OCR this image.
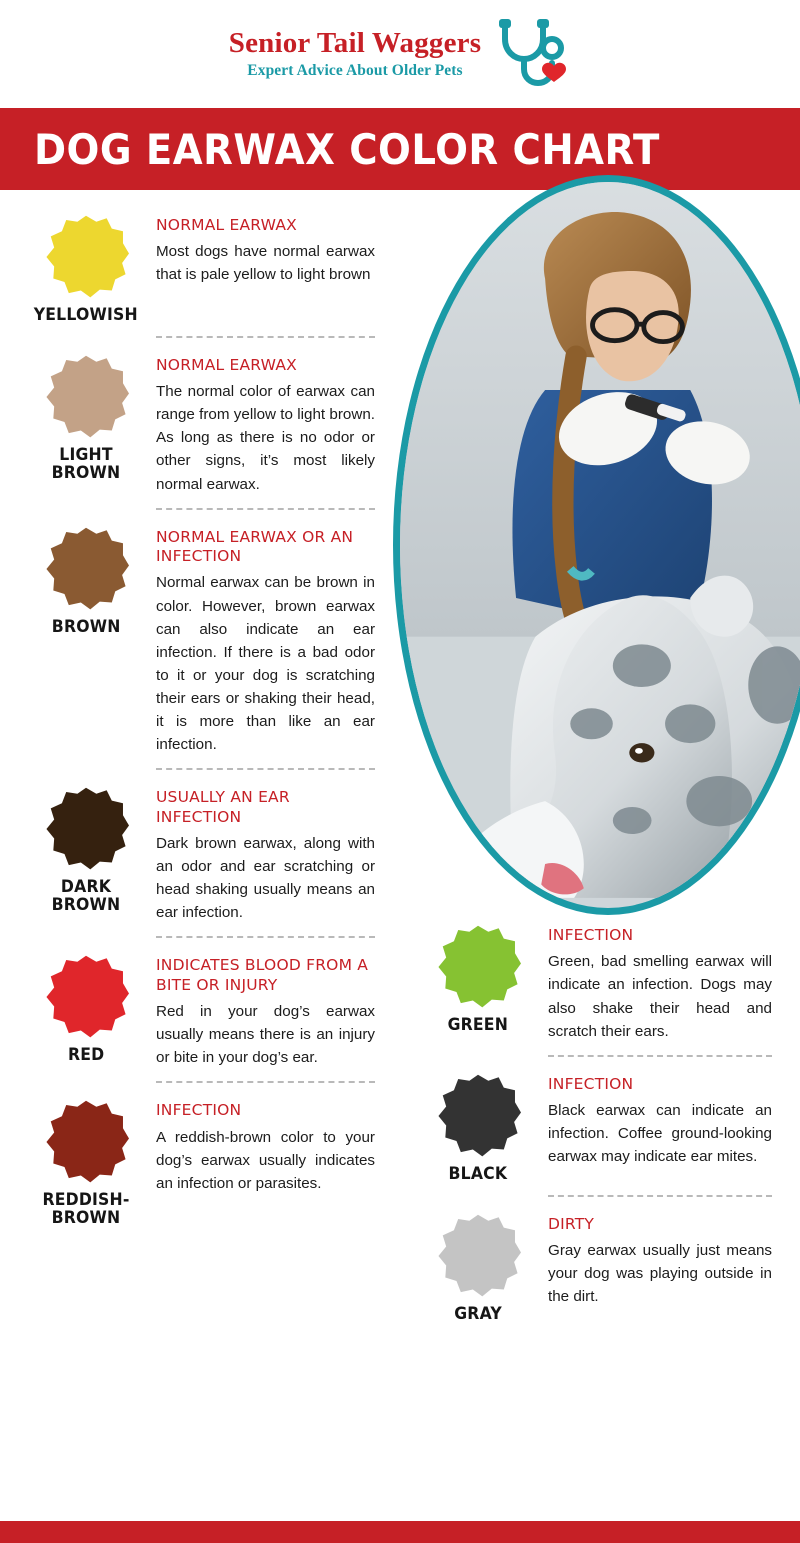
Senior Tail Waggers
Expert Advice About Older Pets
DOG EARWAX COLOR CHART
YELLOWISH
NORMAL EARWAX
Most dogs have normal earwax that is pale yellow to light brown
LIGHT BROWN
NORMAL EARWAX
The normal color of earwax can range from yellow to light brown. As long as there is no odor or other signs, it’s most likely normal earwax.
BROWN
NORMAL EARWAX OR AN INFECTION
Normal earwax can be brown in color. However, brown earwax can also indicate an ear infection. If there is a bad odor to it or your dog is scratching their ears or shaking their head, it is more than like an ear infection.
DARK BROWN
USUALLY AN EAR INFECTION
Dark brown earwax, along with an odor and ear scratching or head shaking usually means an ear infection.
RED
INDICATES BLOOD FROM A BITE OR INJURY
Red in your dog’s earwax usually means there is an injury or bite in your dog’s ear.
REDDISH- BROWN
INFECTION
A reddish-brown color to your dog’s earwax usually indicates an infection or parasites.
GREEN
INFECTION
Green, bad smelling earwax will indicate an infection. Dogs may also shake their head and scratch their ears.
BLACK
INFECTION
Black earwax can indicate an infection. Coffee ground-looking earwax may indicate ear mites.
GRAY
DIRTY
Gray earwax usually just means your dog was playing outside in the dirt.
